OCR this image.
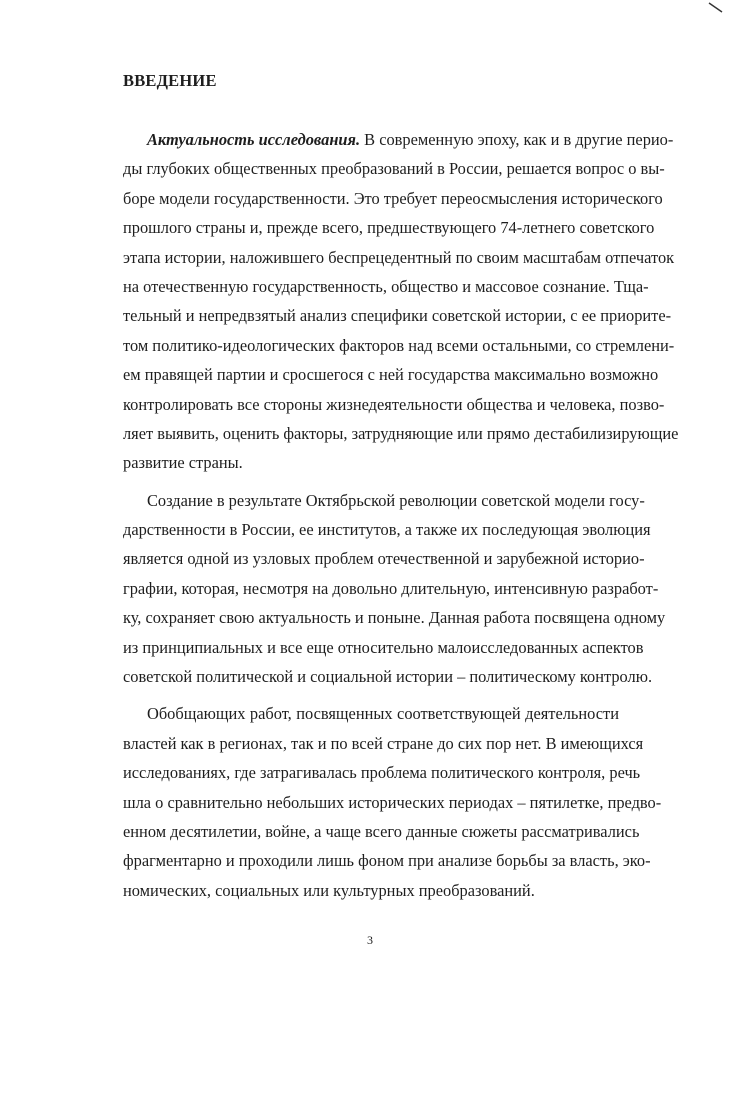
ВВЕДЕНИЕ
Актуальность исследования. В современную эпоху, как и в другие перио-
ды глубоких общественных преобразований в России, решается вопрос о вы-
боре модели государственности. Это требует переосмысления исторического
прошлого страны и, прежде всего, предшествующего 74-летнего советского
этапа истории, наложившего беспрецедентный по своим масштабам отпечаток
на отечественную государственность, общество и массовое сознание. Тща-
тельный и непредвзятый анализ специфики советской истории, с ее приорите-
том политико-идеологических факторов над всеми остальными, со стремлени-
ем правящей партии и сросшегося с ней государства максимально возможно
контролировать все стороны жизнедеятельности общества и человека, позво-
ляет выявить, оценить факторы, затрудняющие или прямо дестабилизирующие
развитие страны.
Создание в результате Октябрьской революции советской модели госу-
дарственности в России, ее институтов, а также их последующая эволюция
является одной из узловых проблем отечественной и зарубежной историо-
графии, которая, несмотря на довольно длительную, интенсивную разработ-
ку, сохраняет свою актуальность и поныне. Данная работа посвящена одному
из принципиальных и все еще относительно малоисследованных аспектов
советской политической и социальной истории – политическому контролю.
Обобщающих работ, посвященных соответствующей деятельности
властей как в регионах, так и по всей стране до сих пор нет. В имеющихся
исследованиях, где затрагивалась проблема политического контроля, речь
шла о сравнительно небольших исторических периодах – пятилетке, предво-
енном десятилетии, войне, а чаще всего данные сюжеты рассматривались
фрагментарно и проходили лишь фоном при анализе борьбы за власть, эко-
номических, социальных или культурных преобразований.
3
